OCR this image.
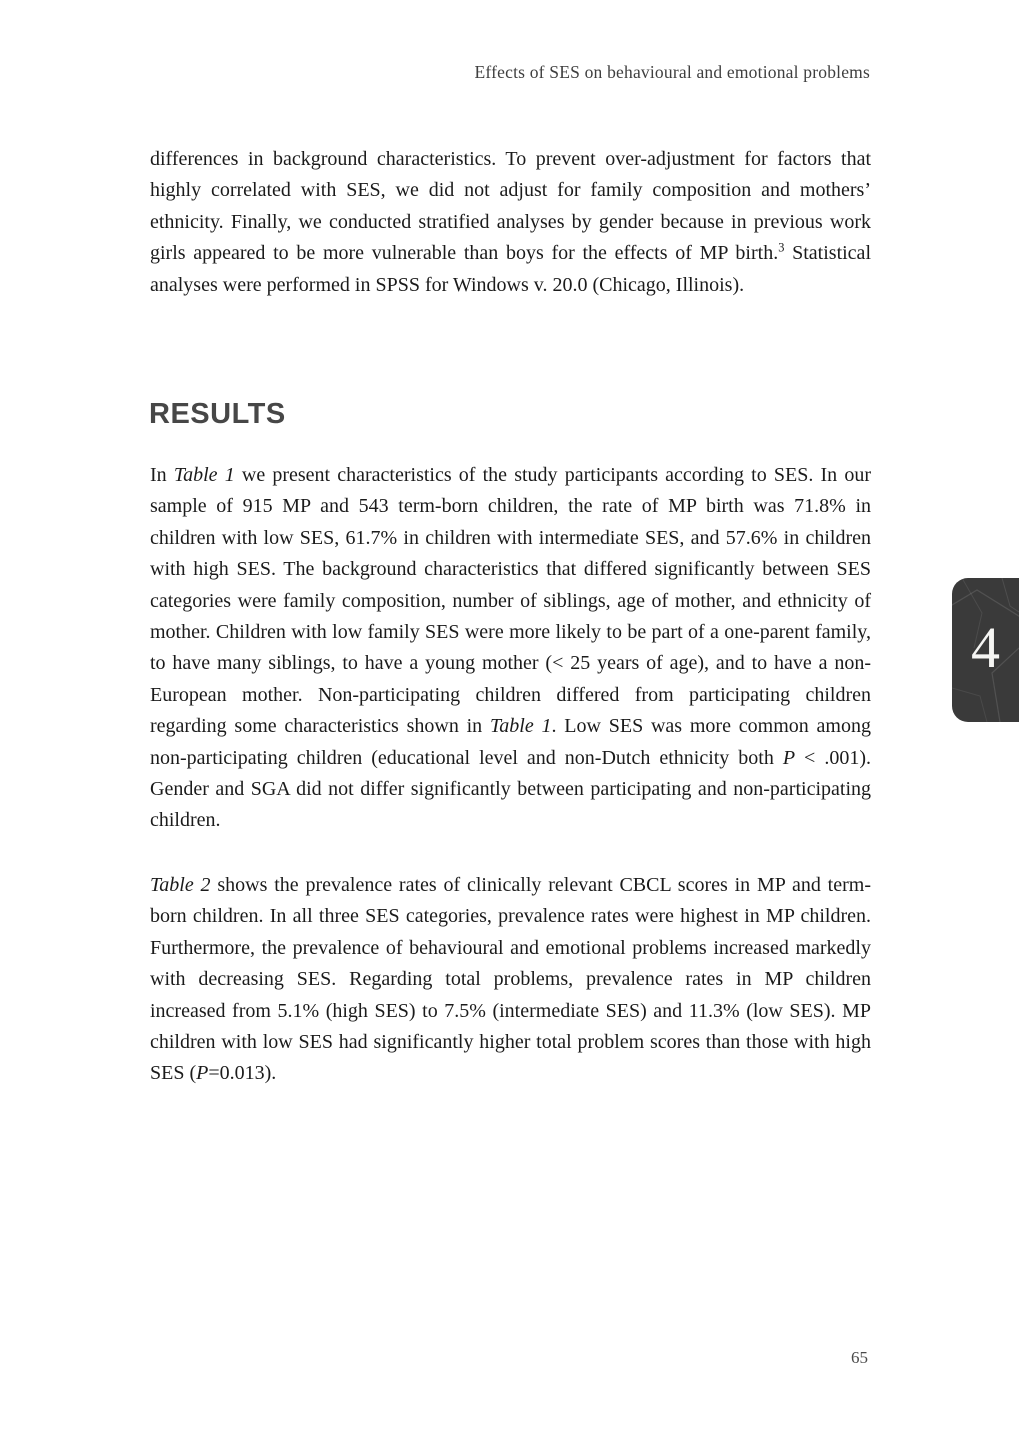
Effects of SES on behavioural and emotional problems

differences in background characteristics. To prevent over-adjustment for factors that highly correlated with SES, we did not adjust for family composition and mothers’ ethnicity. Finally, we conducted stratified analyses by gender because in previous work girls appeared to be more vulnerable than boys for the effects of MP birth.$^3$ Statistical analyses were performed in SPSS for Windows v. 20.0 (Chicago, Illinois).

RESULTS

In Table 1 we present characteristics of the study participants according to SES. In our sample of 915 MP and 543 term-born children, the rate of MP birth was 71.8% in children with low SES, 61.7% in children with intermediate SES, and 57.6% in children with high SES. The background characteristics that differed significantly between SES categories were family composition, number of siblings, age of mother, and ethnicity of mother. Children with low family SES were more likely to be part of a one-parent family, to have many siblings, to have a young mother (< 25 years of age), and to have a non-European mother. Non-participating children differed from participating children regarding some characteristics shown in Table 1. Low SES was more common among non-participating children (educational level and non-Dutch ethnicity both P < .001). Gender and SGA did not differ significantly between participating and non-participating children.

Table 2 shows the prevalence rates of clinically relevant CBCL scores in MP and term-born children. In all three SES categories, prevalence rates were highest in MP children. Furthermore, the prevalence of behavioural and emotional problems increased markedly with decreasing SES. Regarding total problems, prevalence rates in MP children increased from 5.1% (high SES) to 7.5% (intermediate SES) and 11.3% (low SES). MP children with low SES had significantly higher total problem scores than those with high SES (P=0.013).

4
65
